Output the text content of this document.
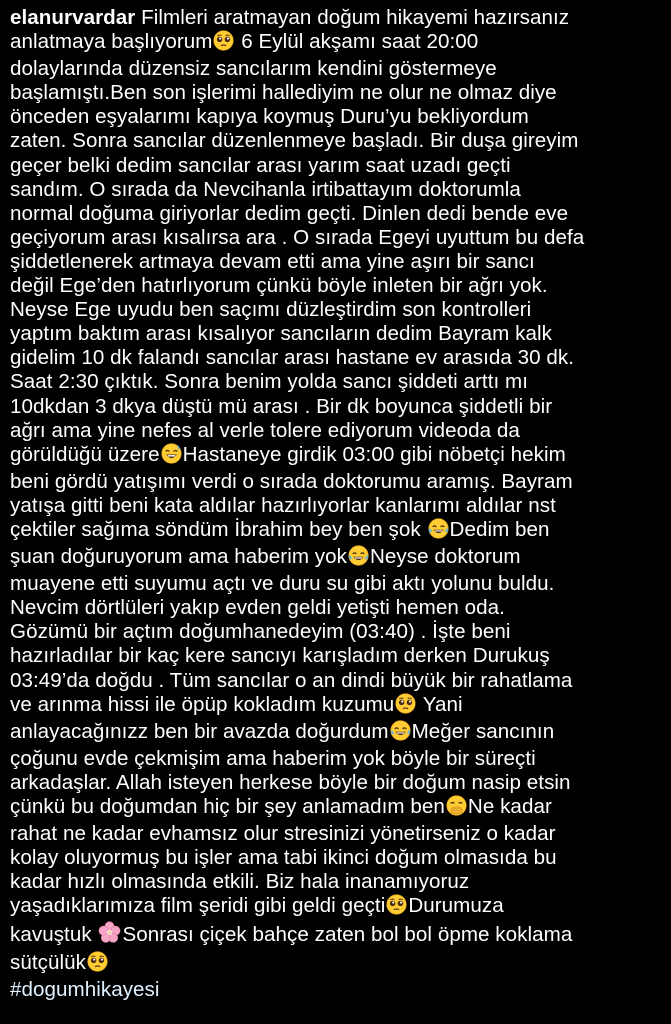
elanurvardar Filmleri aratmayan doğum hikayemi hazırsanız
anlatmaya başlıyorum 6 Eylül akşamı saat 20:00
dolaylarında düzensiz sancılarım kendini göstermeye
başlamıştı.Ben son işlerimi hallediyim ne olur ne olmaz diye
önceden eşyalarımı kapıya koymuş Duru’yu bekliyordum
zaten. Sonra sancılar düzenlenmeye başladı. Bir duşa gireyim
geçer belki dedim sancılar arası yarım saat uzadı geçti
sandım. O sırada da Nevcihanla irtibattayım doktorumla
normal doğuma giriyorlar dedim geçti. Dinlen dedi bende eve
geçiyorum arası kısalırsa ara . O sırada Egeyi uyuttum bu defa
şiddetlenerek artmaya devam etti ama yine aşırı bir sancı
değil Ege’den hatırlıyorum çünkü böyle inleten bir ağrı yok.
Neyse Ege uyudu ben saçımı düzleştirdim son kontrolleri
yaptım baktım arası kısalıyor sancıların dedim Bayram kalk
gidelim 10 dk falandı sancılar arası hastane ev arasıda 30 dk.
Saat 2:30 çıktık. Sonra benim yolda sancı şiddeti arttı mı
10dkdan 3 dkya düştü mü arası . Bir dk boyunca şiddetli bir
ağrı ama yine nefes al verle tolere ediyorum videoda da
görüldüğü üzere Hastaneye girdik 03:00 gibi nöbetçi hekim
beni gördü yatışımı verdi o sırada doktorumu aramış. Bayram
yatışa gitti beni kata aldılar hazırlıyorlar kanlarımı aldılar nst
çektiler sağıma söndüm İbrahim bey ben şok Dedim ben
şuan doğuruyorum ama haberim yok Neyse doktorum
muayene etti suyumu açtı ve duru su gibi aktı yolunu buldu.
Nevcim dörtlüleri yakıp evden geldi yetişti hemen oda.
Gözümü bir açtım doğumhanedeyim (03:40) . İşte beni
hazırladılar bir kaç kere sancıyı karışladım derken Durukuş
03:49’da doğdu . Tüm sancılar o an dindi büyük bir rahatlama
ve arınma hissi ile öpüp kokladım kuzumu Yani
anlayacağınızz ben bir avazda doğurdum Meğer sancının
çoğunu evde çekmişim ama haberim yok böyle bir süreçti
arkadaşlar. Allah isteyen herkese böyle bir doğum nasip etsin
çünkü bu doğumdan hiç bir şey anlamadım ben Ne kadar
rahat ne kadar evhamsız olur stresinizi yönetirseniz o kadar
kolay oluyormuş bu işler ama tabi ikinci doğum olmasıda bu
kadar hızlı olmasında etkili. Biz hala inanamıyoruz
yaşadıklarımıza film şeridi gibi geldi geçti Durumuza
kavuştuk Sonrası çiçek bahçe zaten bol bol öpme koklama
sütçülük
#dogumhikayesi
